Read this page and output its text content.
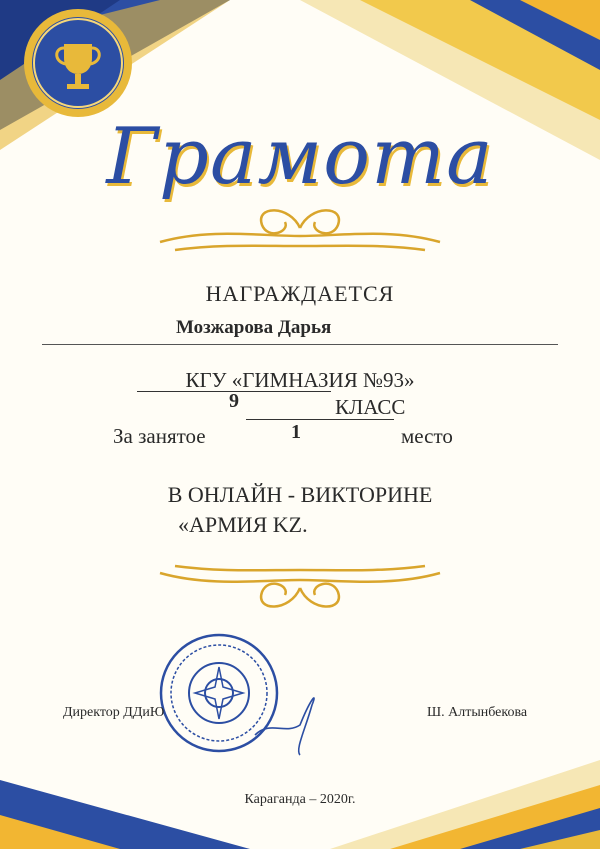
Грамота
НАГРАЖДАЕТСЯ
Мозжарова Дарья
КГУ «ГИМНАЗИЯ №93»
9	КЛАСС
За занятое	1	место
В ОНЛАЙН - ВИКТОРИНЕ
«АРМИЯ KZ.
Директор ДДиЮ	Ш. Алтынбекова
Караганда – 2020г.
